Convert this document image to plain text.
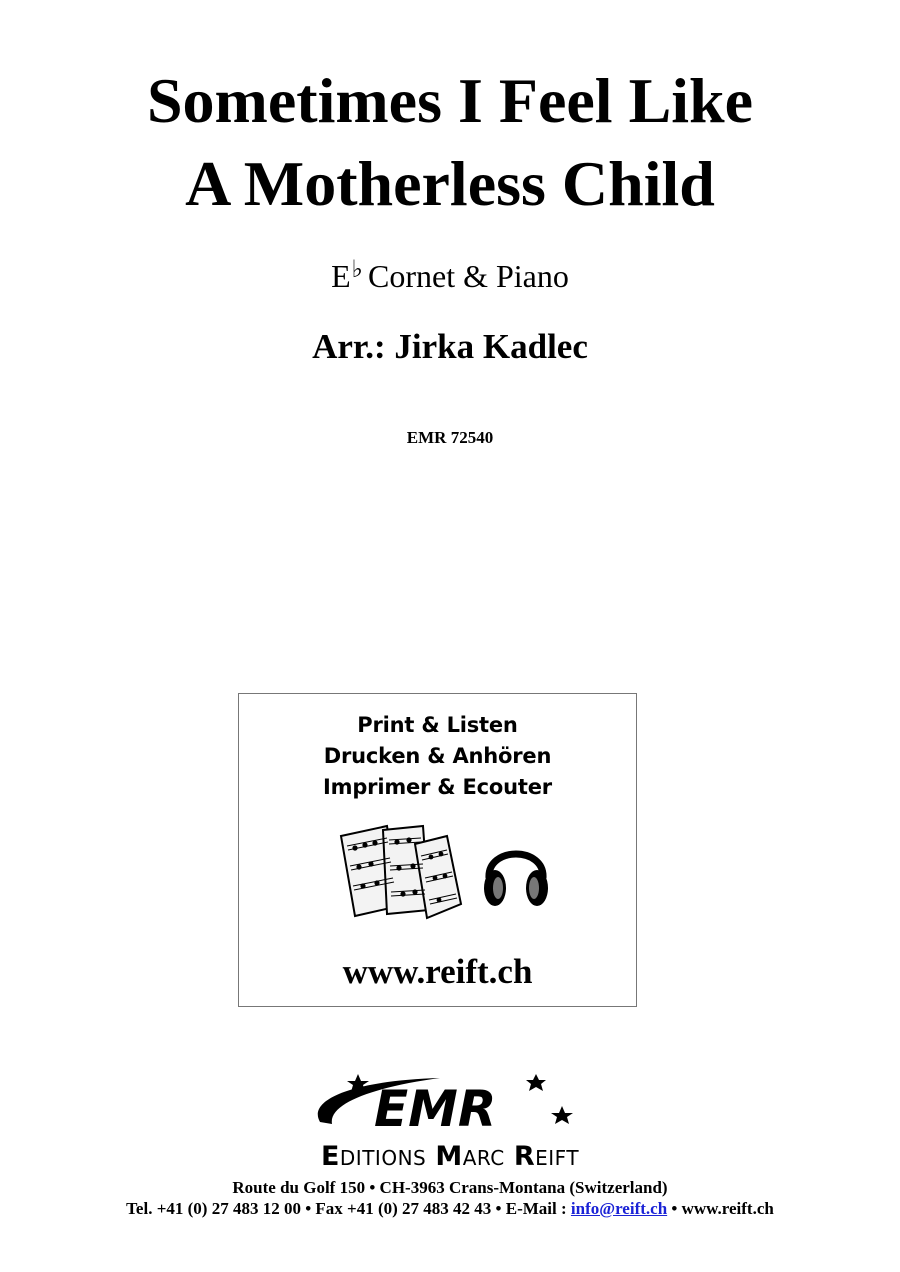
Sometimes I Feel Like
A Motherless Child
E♭ Cornet & Piano
Arr.: Jirka Kadlec
EMR 72540
Print & Listen
Drucken & Anhören
Imprimer & Ecouter
www.reift.ch
EMR
EDITIONS MARC REIFT
Route du Golf 150 • CH-3963 Crans-Montana (Switzerland)
Tel. +41 (0) 27 483 12 00 • Fax +41 (0) 27 483 42 43 • E-Mail : info@reift.ch • www.reift.ch
